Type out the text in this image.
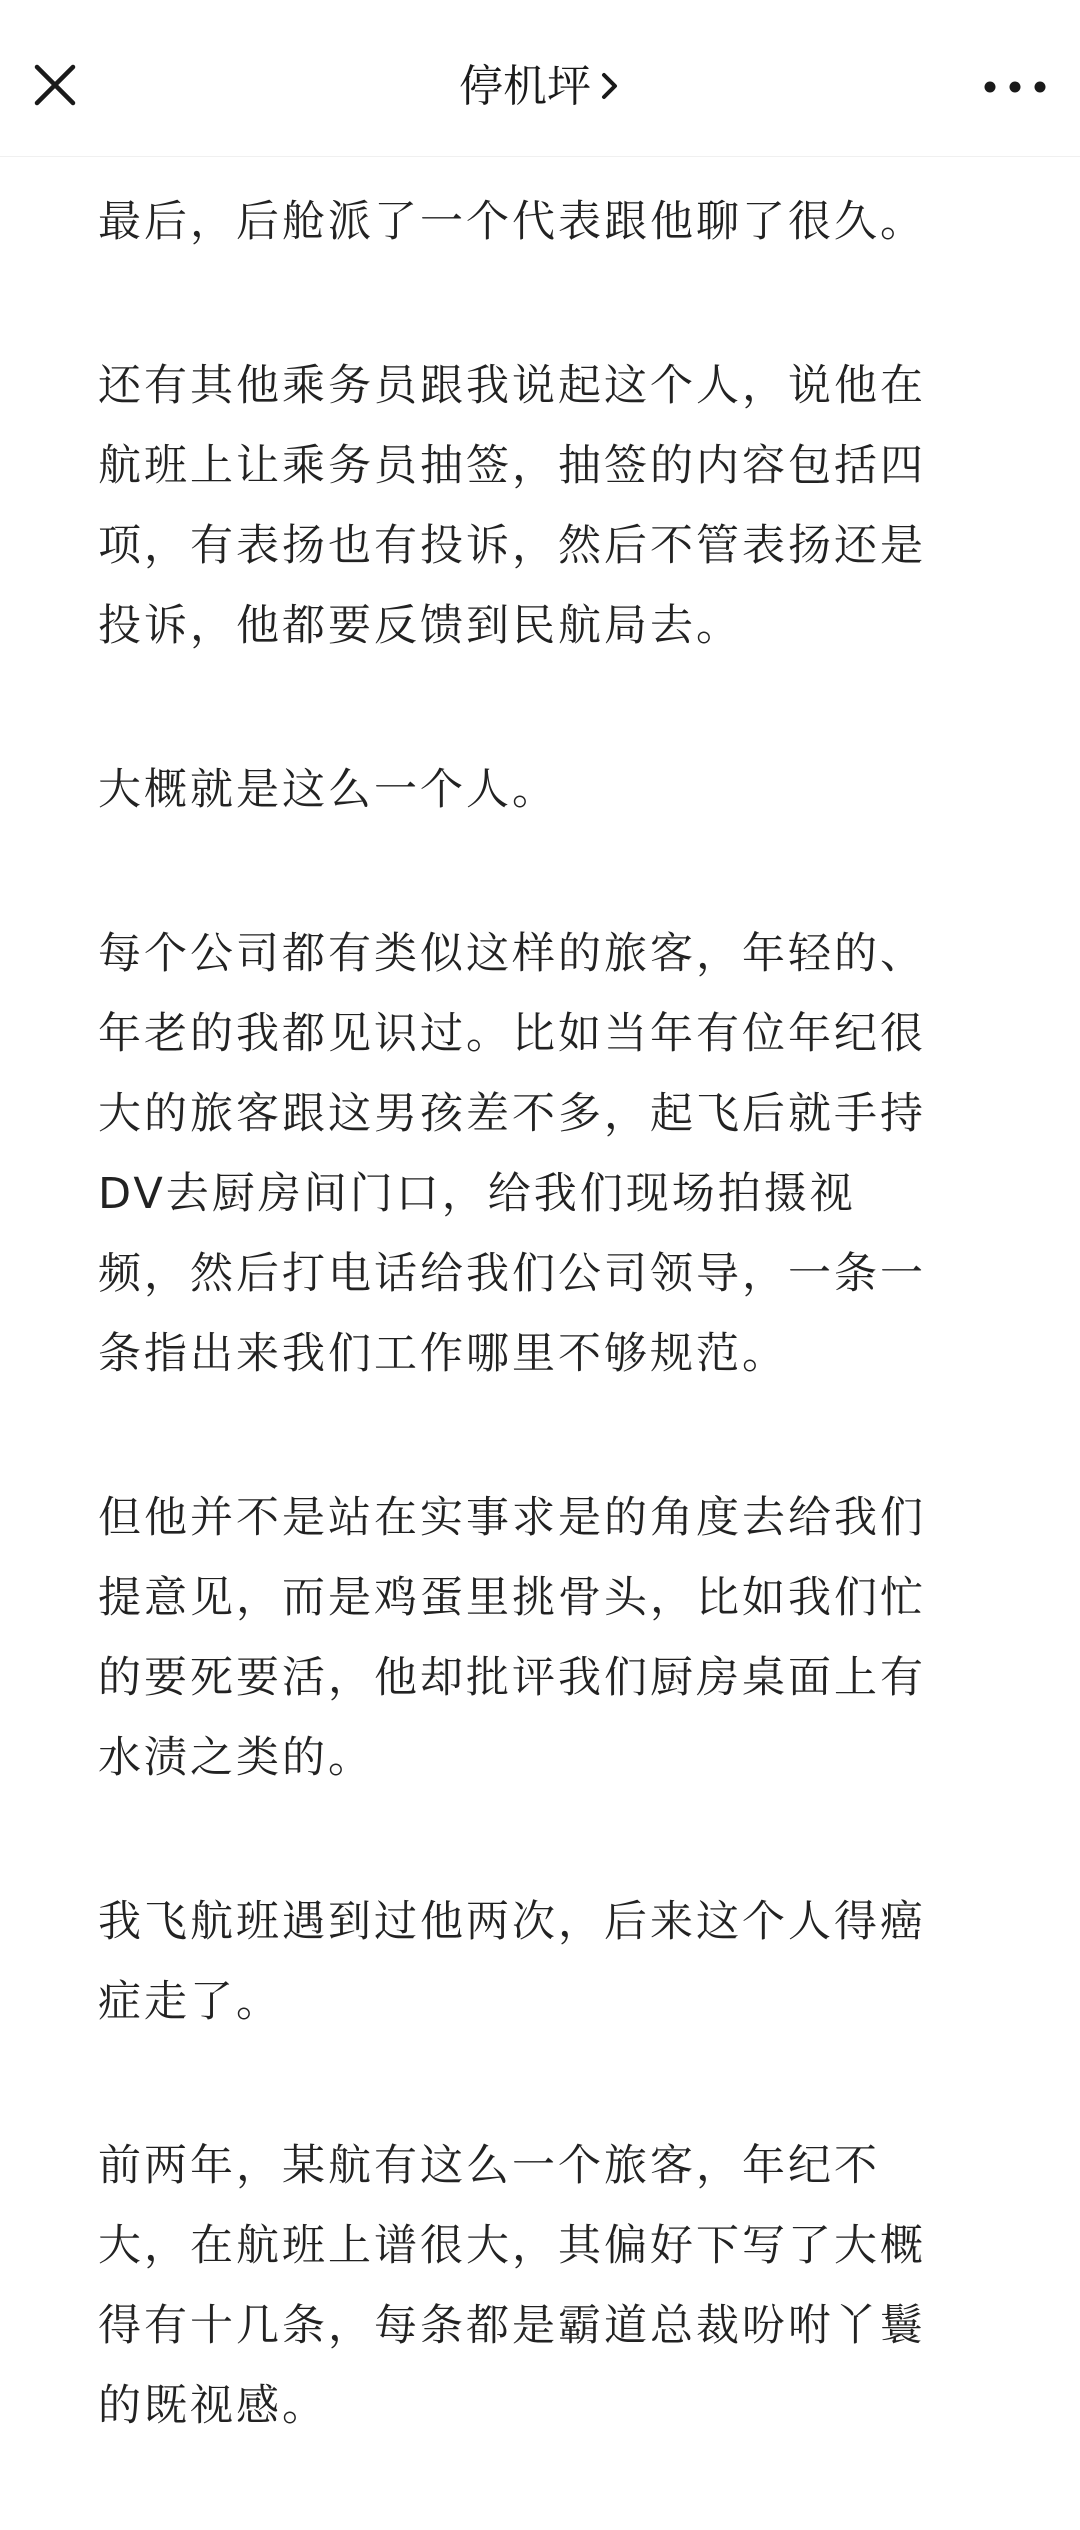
停机坪

最后，后舱派了一个代表跟他聊了很久。

还有其他乘务员跟我说起这个人，说他在
航班上让乘务员抽签，抽签的内容包括四
项，有表扬也有投诉，然后不管表扬还是
投诉，他都要反馈到民航局去。

大概就是这么一个人。

每个公司都有类似这样的旅客，年轻的、
年老的我都见识过。比如当年有位年纪很
大的旅客跟这男孩差不多，起飞后就手持
DV去厨房间门口，给我们现场拍摄视
频，然后打电话给我们公司领导，一条一
条指出来我们工作哪里不够规范。

但他并不是站在实事求是的角度去给我们
提意见，而是鸡蛋里挑骨头，比如我们忙
的要死要活，他却批评我们厨房桌面上有
水渍之类的。

我飞航班遇到过他两次，后来这个人得癌
症走了。

前两年，某航有这么一个旅客，年纪不
大，在航班上谱很大，其偏好下写了大概
得有十几条，每条都是霸道总裁吩咐丫鬟
的既视感。
